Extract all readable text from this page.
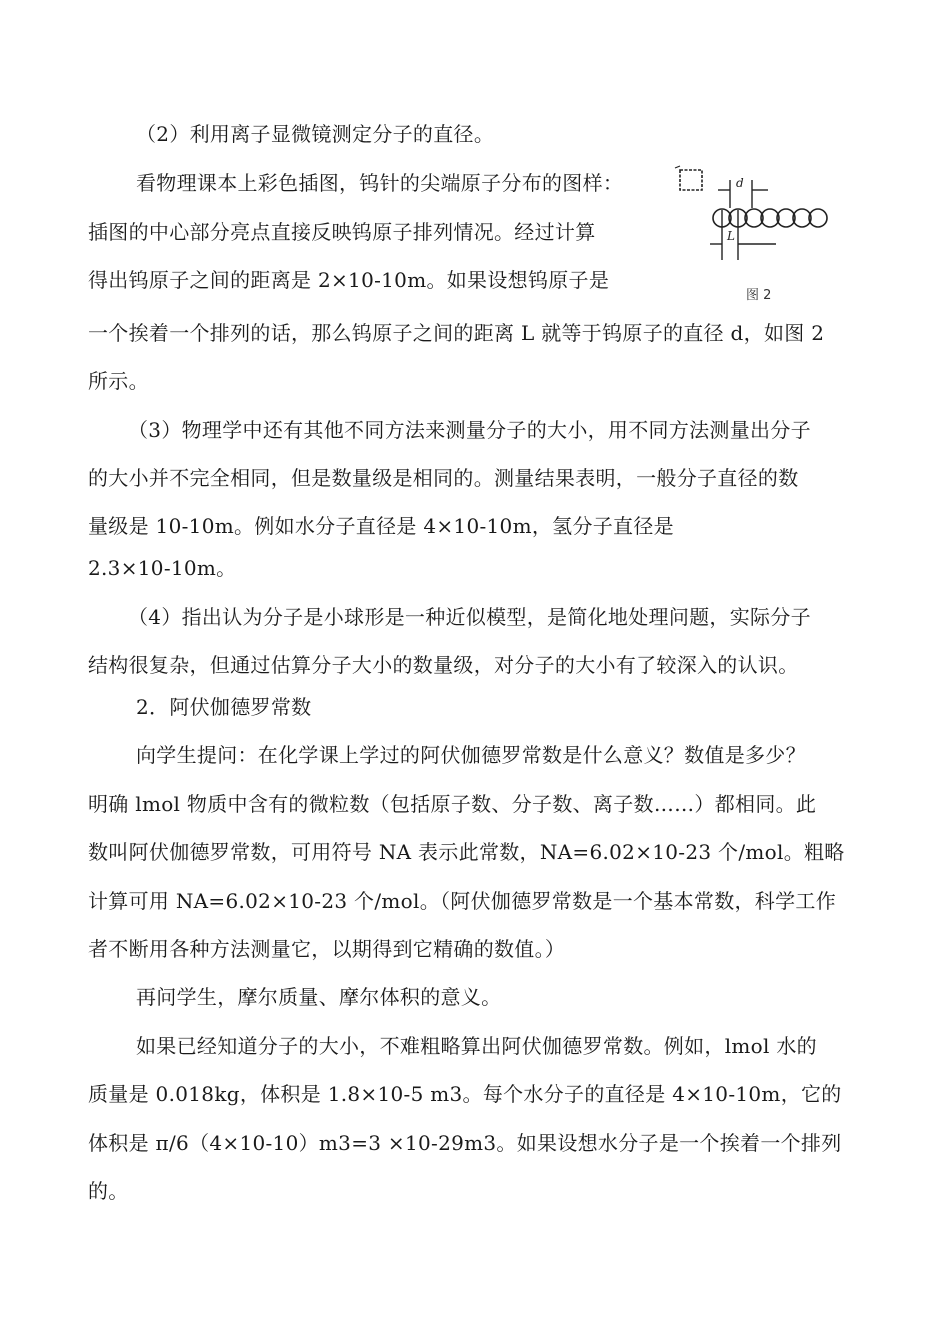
（2）利用离子显微镜测定分子的直径。
看物理课本上彩色插图，钨针的尖端原子分布的图样：
插图的中心部分亮点直接反映钨原子排列情况。经过计算
得出钨原子之间的距离是 2×10-10m。如果设想钨原子是
一个挨着一个排列的话，那么钨原子之间的距离 L 就等于钨原子的直径 d，如图 2
所示。
（3）物理学中还有其他不同方法来测量分子的大小，用不同方法测量出分子
的大小并不完全相同，但是数量级是相同的。测量结果表明，一般分子直径的数
量级是 10-10m。例如水分子直径是 4×10-10m，氢分子直径是
2.3×10-10m。
（4）指出认为分子是小球形是一种近似模型，是简化地处理问题，实际分子
结构很复杂，但通过估算分子大小的数量级，对分子的大小有了较深入的认识。
2．阿伏伽德罗常数
向学生提问：在化学课上学过的阿伏伽德罗常数是什么意义？数值是多少？
明确 lmol 物质中含有的微粒数（包括原子数、分子数、离子数……）都相同。此
数叫阿伏伽德罗常数，可用符号 NA 表示此常数，NA=6.02×10-23 个/mol。粗略
计算可用 NA=6.02×10-23 个/mol。（阿伏伽德罗常数是一个基本常数，科学工作
者不断用各种方法测量它，以期得到它精确的数值。）
再问学生，摩尔质量、摩尔体积的意义。
如果已经知道分子的大小，不难粗略算出阿伏伽德罗常数。例如，lmol 水的
质量是 0.018kg，体积是 1.8×10-5 m3。每个水分子的直径是 4×10-10m，它的
体积是 π/6（4×10-10）m3=3 ×10-29m3。如果设想水分子是一个挨着一个排列
的。
d
L
图 2
